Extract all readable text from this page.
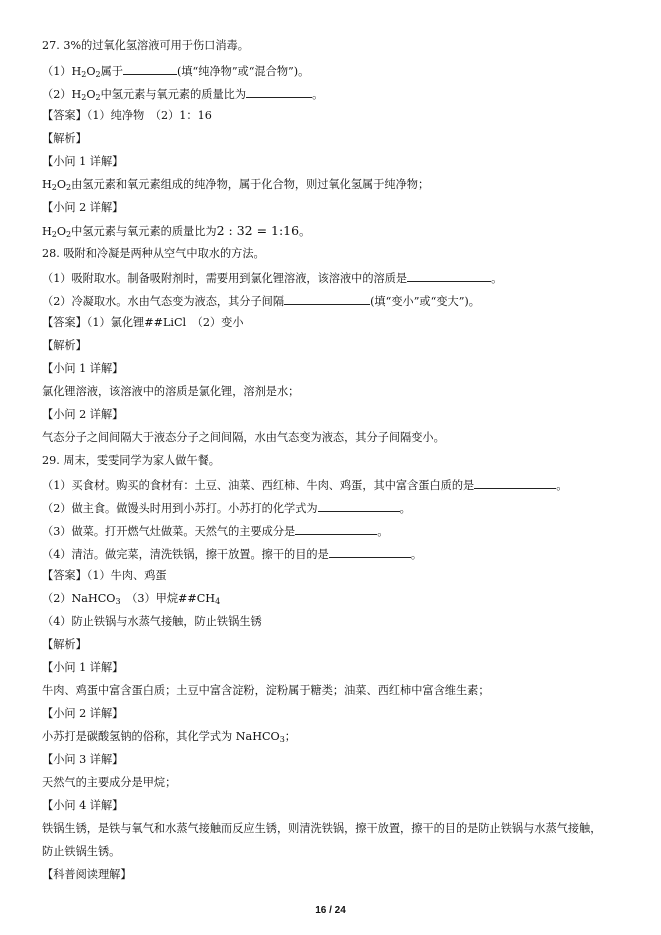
27. 3%的过氧化氢溶液可用于伤口消毒。
$(1)H_2O_2$属于	(填“纯净物”或“混合物”)。
$(2)H_2O_2$中氢元素与氧元素的质量比为	。
【答案】（1）纯净物　（2）1：16
【解析】
【小问 1 详解】
$H_2O_2$由氢元素和氧元素组成的纯净物，属于化合物，则过氧化氢属于纯净物；
【小问 2 详解】
$H_2O_2$中氢元素与氧元素的质量比为2 : 32 = 1:16。
28. 吸附和冷凝是两种从空气中取水的方法。
（1）吸附取水。制备吸附剂时，需要用到氯化锂溶液，该溶液中的溶质是	。
（2）冷凝取水。水由气态变为液态，其分子间隔	(填“变小”或“变大”)。
【答案】（1）氯化锂##LiCl　（2）变小
【解析】
【小问 1 详解】
氯化锂溶液，该溶液中的溶质是氯化锂，溶剂是水；
【小问 2 详解】
气态分子之间间隔大于液态分子之间间隔，水由气态变为液态，其分子间隔变小。
29. 周末，雯雯同学为家人做午餐。
（1）买食材。购买的食材有：土豆、油菜、西红柿、牛肉、鸡蛋，其中富含蛋白质的是	。
（2）做主食。做馒头时用到小苏打。小苏打的化学式为	。
（3）做菜。打开燃气灶做菜。天然气的主要成分是	。
（4）清洁。做完菜，清洗铁锅，擦干放置。擦干的目的是	。
【答案】（1）牛肉、鸡蛋
（2）NaHCO$_3$　（3）甲烷$\#\#CH_4$
（4）防止铁锅与水蒸气接触，防止铁锅生锈
【解析】
【小问 1 详解】
牛肉、鸡蛋中富含蛋白质；土豆中富含淀粉，淀粉属于糖类；油菜、西红柿中富含维生素；
【小问 2 详解】
小苏打是碳酸氢钠的俗称，其化学式为 NaHCO$_3$；
【小问 3 详解】
天然气的主要成分是甲烷；
【小问 4 详解】
铁锅生锈，是铁与氧气和水蒸气接触而反应生锈，则清洗铁锅，擦干放置，擦干的目的是防止铁锅与水蒸气接触，
防止铁锅生锈。
【科普阅读理解】
16 / 24
